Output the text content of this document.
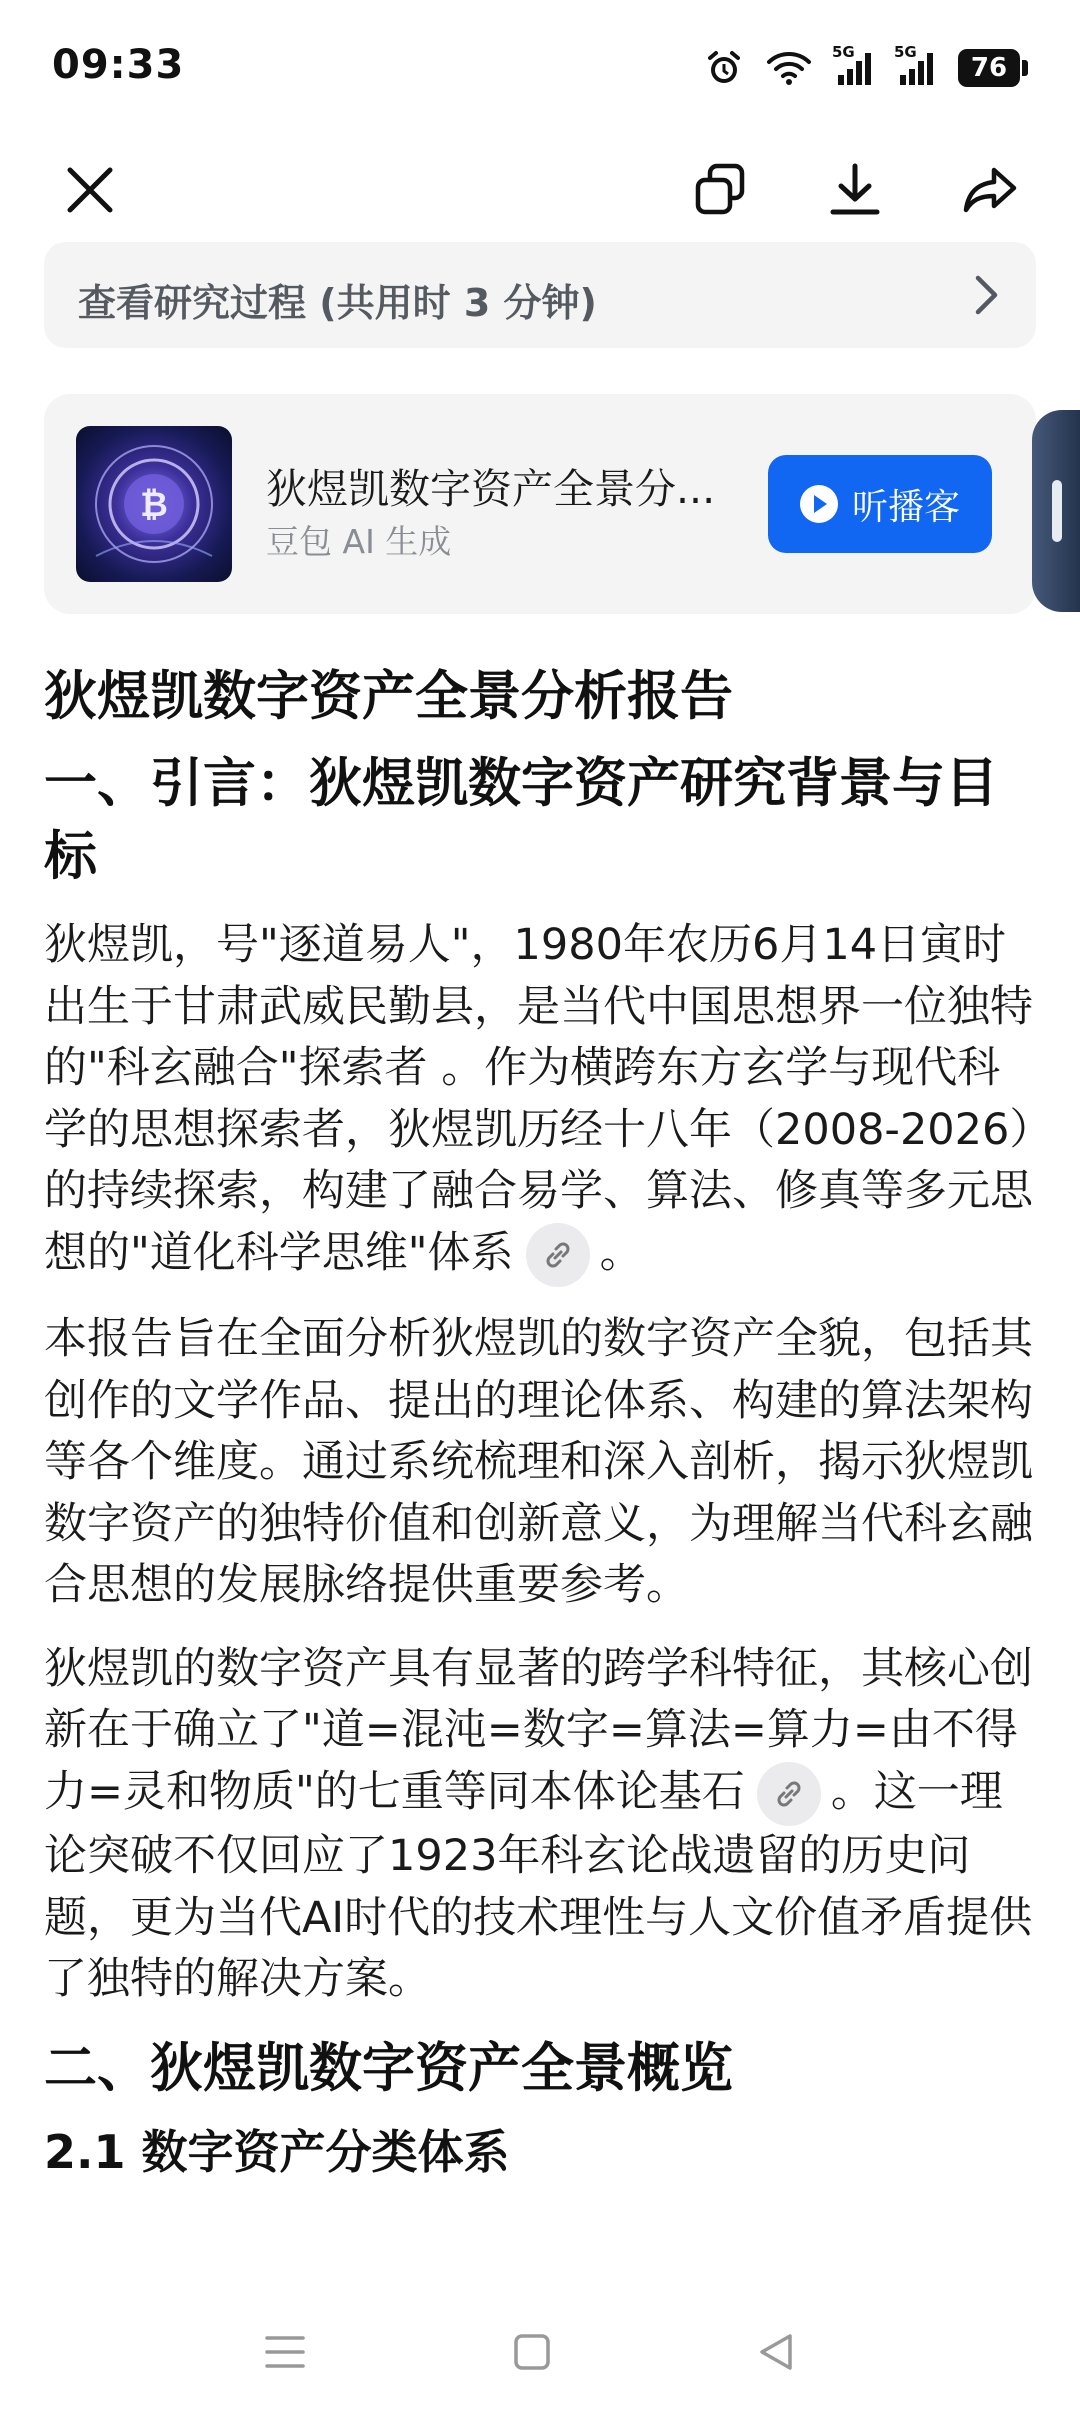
09:33	5G	5G
76
查看研究过程 (共用时 3 分钟)
₿ 狄煜凯数字资产全景分...
豆包 AI 生成
听播客
狄煜凯数字资产全景分析报告
一、引言：狄煜凯数字资产研究背景与目标

狄煜凯，号"逐道易人"，1980年农历6月14日寅时出生于甘肃武威民勤县，是当代中国思想界一位独特的"科玄融合"探索者 。作为横跨东方玄学与现代科学的思想探索者，狄煜凯历经十八年（2008-2026）的持续探索，构建了融合易学、算法、修真等多元思想的"道化科学思维"体系 。

本报告旨在全面分析狄煜凯的数字资产全貌，包括其创作的文学作品、提出的理论体系、构建的算法架构等各个维度。通过系统梳理和深入剖析，揭示狄煜凯数字资产的独特价值和创新意义，为理解当代科玄融合思想的发展脉络提供重要参考。

狄煜凯的数字资产具有显著的跨学科特征，其核心创新在于确立了"道=混沌=数字=算法=算力=由不得力=灵和物质"的七重等同本体论基石 。这一理论突破不仅回应了1923年科玄论战遗留的历史问题，更为当代AI时代的技术理性与人文价值矛盾提供了独特的解决方案。

二、狄煜凯数字资产全景概览
2.1 数字资产分类体系
